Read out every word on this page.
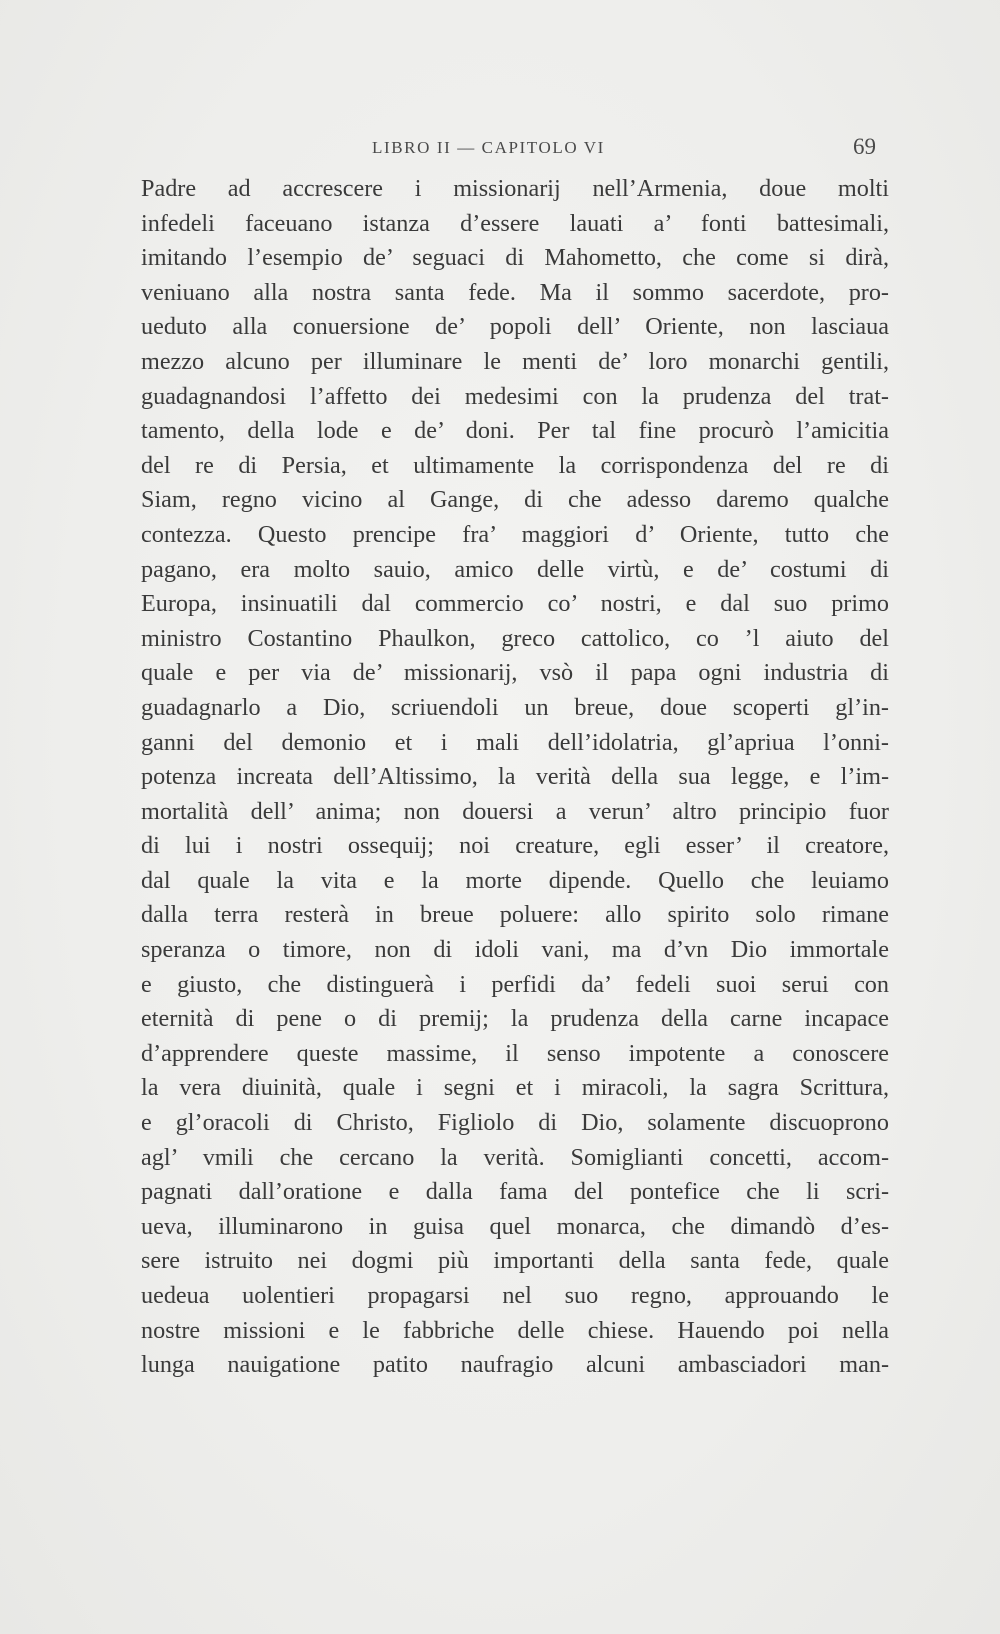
LIBRO II — CAPITOLO VI	69
Padre ad accrescere i missionarij nell’Armenia, doue molti
infedeli faceuano istanza d’essere lauati a’ fonti battesimali,
imitando l’esempio de’ seguaci di Mahometto, che come si dirà,
veniuano alla nostra santa fede. Ma il sommo sacerdote, pro-
ueduto alla conuersione de’ popoli dell’ Oriente, non lasciaua
mezzo alcuno per illuminare le menti de’ loro monarchi gentili,
guadagnandosi l’affetto dei medesimi con la prudenza del trat-
tamento, della lode e de’ doni. Per tal fine procurò l’amicitia
del re di Persia, et ultimamente la corrispondenza del re di
Siam, regno vicino al Gange, di che adesso daremo qualche
contezza. Questo prencipe fra’ maggiori d’ Oriente, tutto che
pagano, era molto sauio, amico delle virtù, e de’ costumi di
Europa, insinuatili dal commercio co’ nostri, e dal suo primo
ministro Costantino Phaulkon, greco cattolico, co ’l aiuto del
quale e per via de’ missionarij, vsò il papa ogni industria di
guadagnarlo a Dio, scriuendoli un breue, doue scoperti gl’in-
ganni del demonio et i mali dell’idolatria, gl’apriua l’onni-
potenza increata dell’Altissimo, la verità della sua legge, e l’im-
mortalità dell’ anima; non douersi a verun’ altro principio fuor
di lui i nostri ossequij; noi creature, egli esser’ il creatore,
dal quale la vita e la morte dipende. Quello che leuiamo
dalla terra resterà in breue poluere: allo spirito solo rimane
speranza o timore, non di idoli vani, ma d’vn Dio immortale
e giusto, che distinguerà i perfidi da’ fedeli suoi serui con
eternità di pene o di premij; la prudenza della carne incapace
d’apprendere queste massime, il senso impotente a conoscere
la vera diuinità, quale i segni et i miracoli, la sagra Scrittura,
e gl’oracoli di Christo, Figliolo di Dio, solamente discuoprono
agl’ vmili che cercano la verità. Somiglianti concetti, accom-
pagnati dall’oratione e dalla fama del pontefice che li scri-
ueva, illuminarono in guisa quel monarca, che dimandò d’es-
sere istruito nei dogmi più importanti della santa fede, quale
uedeua uolentieri propagarsi nel suo regno, approuando le
nostre missioni e le fabbriche delle chiese. Hauendo poi nella
lunga nauigatione patito naufragio alcuni ambasciadori man-
